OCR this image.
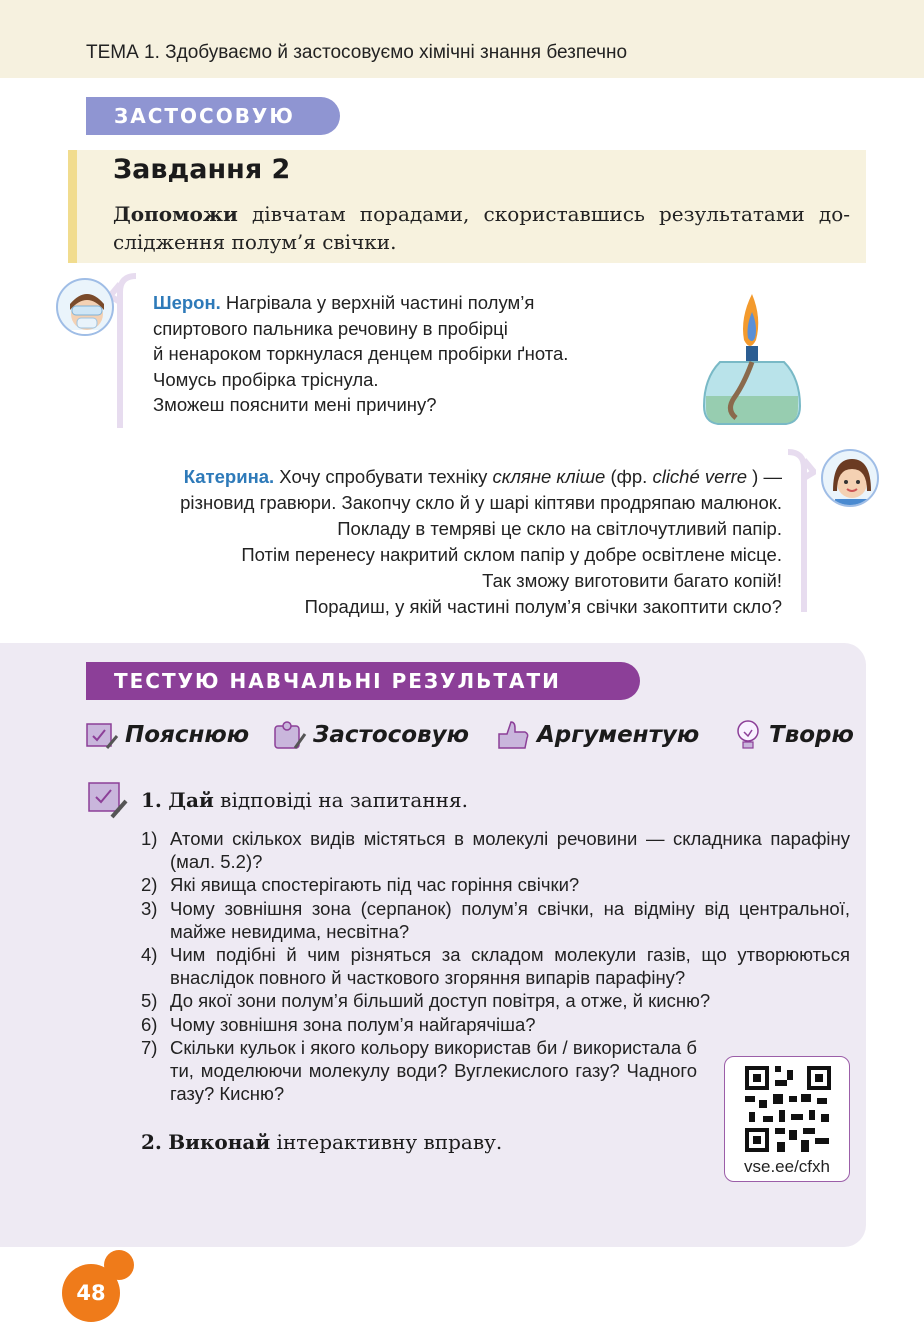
ТЕМА 1. Здобуваємо й застосовуємо хімічні знання безпечно
ЗАСТОСОВУЮ
Завдання 2
Допоможи дівчатам порадами, скориставшись результатами дослідження полум’я свічки.
Шерон. Нагрівала у верхній частині полум’я
спиртового пальника речовину в пробірці
й ненароком торкнулася денцем пробірки ґнота.
Чомусь пробірка тріснула.
Зможеш пояснити мені причину?
Катерина. Хочу спробувати техніку скляне кліше (фр. cliché verre ) —
різновид гравюри. Закопчу скло й у шарі кіптяви продряпаю малюнок.
Покладу в темряві це скло на світлочутливий папір.
Потім перенесу накритий склом папір у добре освітлене місце.
Так зможу виготовити багато копій!
Порадиш, у якій частині полум’я свічки закоптити скло?
ТЕСТУЮ НАВЧАЛЬНІ РЕЗУЛЬТАТИ
Пояснюю	Застосовую	Аргументую	Творю
1. Дай відповіді на запитання.
1) Атоми скількох видів містяться в молекулі речовини — складника парафіну (мал. 5.2)?
2) Які явища спостерігають під час горіння свічки?
3) Чому зовнішня зона (серпанок) полум’я свічки, на відміну від центральної, майже невидима, несвітна?
4) Чим подібні й чим різняться за складом молекули газів, що утворюються внаслідок повного й часткового згоряння випарів парафіну?
5) До якої зони полум’я більший доступ повітря, а отже, й кисню?
6) Чому зовнішня зона полум’я найгарячіша?
7) Скільки кульок і якого кольору використав би / використала б ти, моделюючи молекулу води? Вуглекислого газу? Чадного газу? Кисню?
2. Виконай інтерактивну вправу.
vse.ee/cfxh
48
